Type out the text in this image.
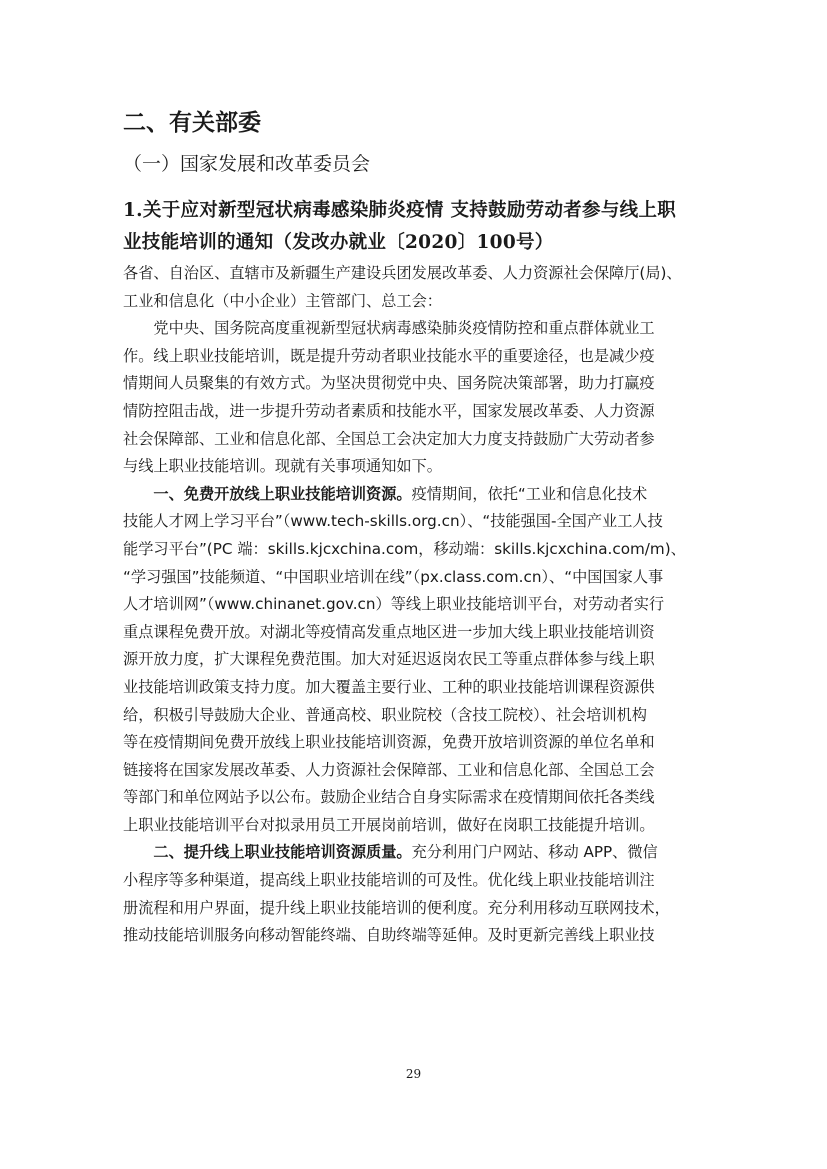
二、有关部委
（一）国家发展和改革委员会
1.关于应对新型冠状病毒感染肺炎疫情 支持鼓励劳动者参与线上职
业技能培训的通知（发改办就业〔2020〕100号）
各省、自治区、直辖市及新疆生产建设兵团发展改革委、人力资源社会保障厅(局)、
工业和信息化（中小企业）主管部门、总工会：
　　党中央、国务院高度重视新型冠状病毒感染肺炎疫情防控和重点群体就业工
作。线上职业技能培训，既是提升劳动者职业技能水平的重要途径，也是减少疫
情期间人员聚集的有效方式。为坚决贯彻党中央、国务院决策部署，助力打赢疫
情防控阻击战，进一步提升劳动者素质和技能水平，国家发展改革委、人力资源
社会保障部、工业和信息化部、全国总工会决定加大力度支持鼓励广大劳动者参
与线上职业技能培训。现就有关事项通知如下。
　　一、免费开放线上职业技能培训资源。疫情期间，依托“工业和信息化技术
技能人才网上学习平台”（www.tech-skills.org.cn）、“技能强国-全国产业工人技
能学习平台”(PC 端：skills.kjcxchina.com，移动端：skills.kjcxchina.com/m)、
“学习强国”技能频道、“中国职业培训在线”（px.class.com.cn）、“中国国家人事
人才培训网”（www.chinanet.gov.cn）等线上职业技能培训平台，对劳动者实行
重点课程免费开放。对湖北等疫情高发重点地区进一步加大线上职业技能培训资
源开放力度，扩大课程免费范围。加大对延迟返岗农民工等重点群体参与线上职
业技能培训政策支持力度。加大覆盖主要行业、工种的职业技能培训课程资源供
给，积极引导鼓励大企业、普通高校、职业院校（含技工院校）、社会培训机构
等在疫情期间免费开放线上职业技能培训资源，免费开放培训资源的单位名单和
链接将在国家发展改革委、人力资源社会保障部、工业和信息化部、全国总工会
等部门和单位网站予以公布。鼓励企业结合自身实际需求在疫情期间依托各类线
上职业技能培训平台对拟录用员工开展岗前培训，做好在岗职工技能提升培训。
　　二、提升线上职业技能培训资源质量。充分利用门户网站、移动 APP、微信
小程序等多种渠道，提高线上职业技能培训的可及性。优化线上职业技能培训注
册流程和用户界面，提升线上职业技能培训的便利度。充分利用移动互联网技术，
推动技能培训服务向移动智能终端、自助终端等延伸。及时更新完善线上职业技
29
